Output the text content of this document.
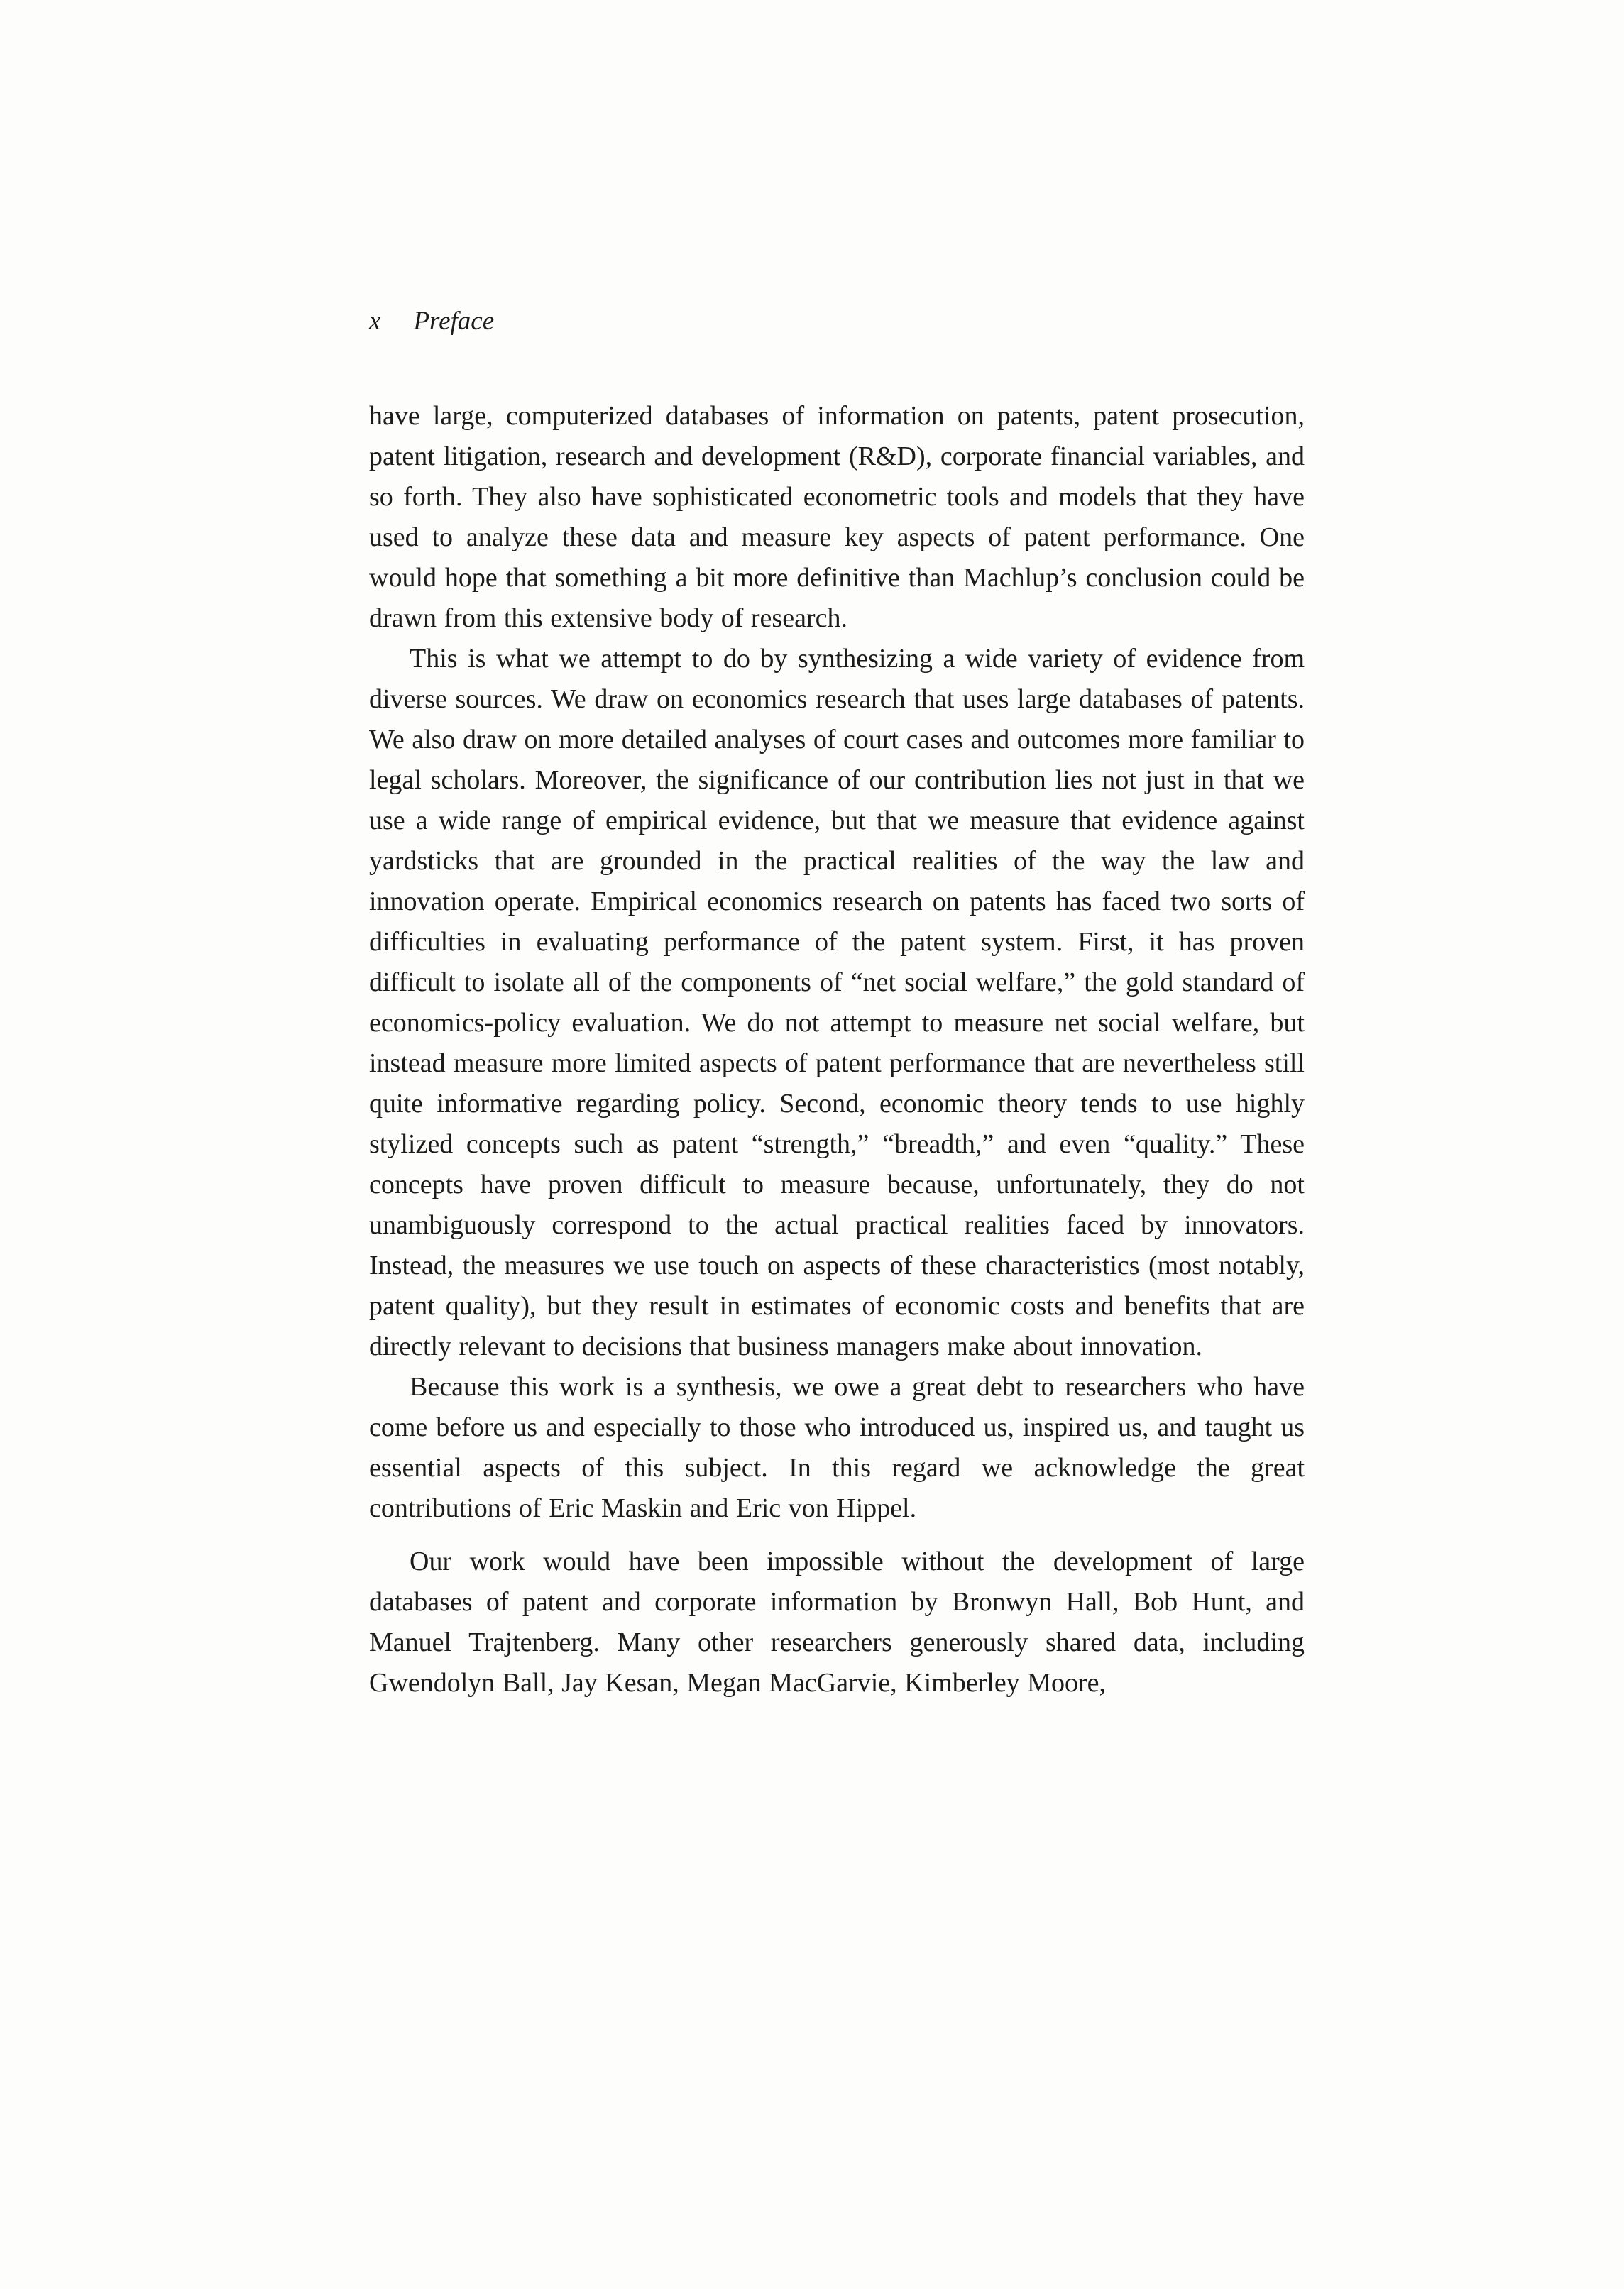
x Preface

have large, computerized databases of information on patents, patent prosecution, patent litigation, research and development (R&D), corporate financial variables, and so forth. They also have sophisticated econometric tools and models that they have used to analyze these data and measure key aspects of patent performance. One would hope that something a bit more definitive than Machlup’s conclusion could be drawn from this extensive body of research.

This is what we attempt to do by synthesizing a wide variety of evidence from diverse sources. We draw on economics research that uses large databases of patents. We also draw on more detailed analyses of court cases and outcomes more familiar to legal scholars. Moreover, the significance of our contribution lies not just in that we use a wide range of empirical evidence, but that we measure that evidence against yardsticks that are grounded in the practical realities of the way the law and innovation operate. Empirical economics research on patents has faced two sorts of difficulties in evaluating performance of the patent system. First, it has proven difficult to isolate all of the components of “net social welfare,” the gold standard of economics-policy evaluation. We do not attempt to measure net social welfare, but instead measure more limited aspects of patent performance that are nevertheless still quite informative regarding policy. Second, economic theory tends to use highly stylized concepts such as patent “strength,” “breadth,” and even “quality.” These concepts have proven difficult to measure because, unfortunately, they do not unambiguously correspond to the actual practical realities faced by innovators. Instead, the measures we use touch on aspects of these characteristics (most notably, patent quality), but they result in estimates of economic costs and benefits that are directly relevant to decisions that business managers make about innovation.

Because this work is a synthesis, we owe a great debt to researchers who have come before us and especially to those who introduced us, inspired us, and taught us essential aspects of this subject. In this regard we acknowledge the great contributions of Eric Maskin and Eric von Hippel.

Our work would have been impossible without the development of large databases of patent and corporate information by Bronwyn Hall, Bob Hunt, and Manuel Trajtenberg. Many other researchers generously shared data, including Gwendolyn Ball, Jay Kesan, Megan MacGarvie, Kimberley Moore,
